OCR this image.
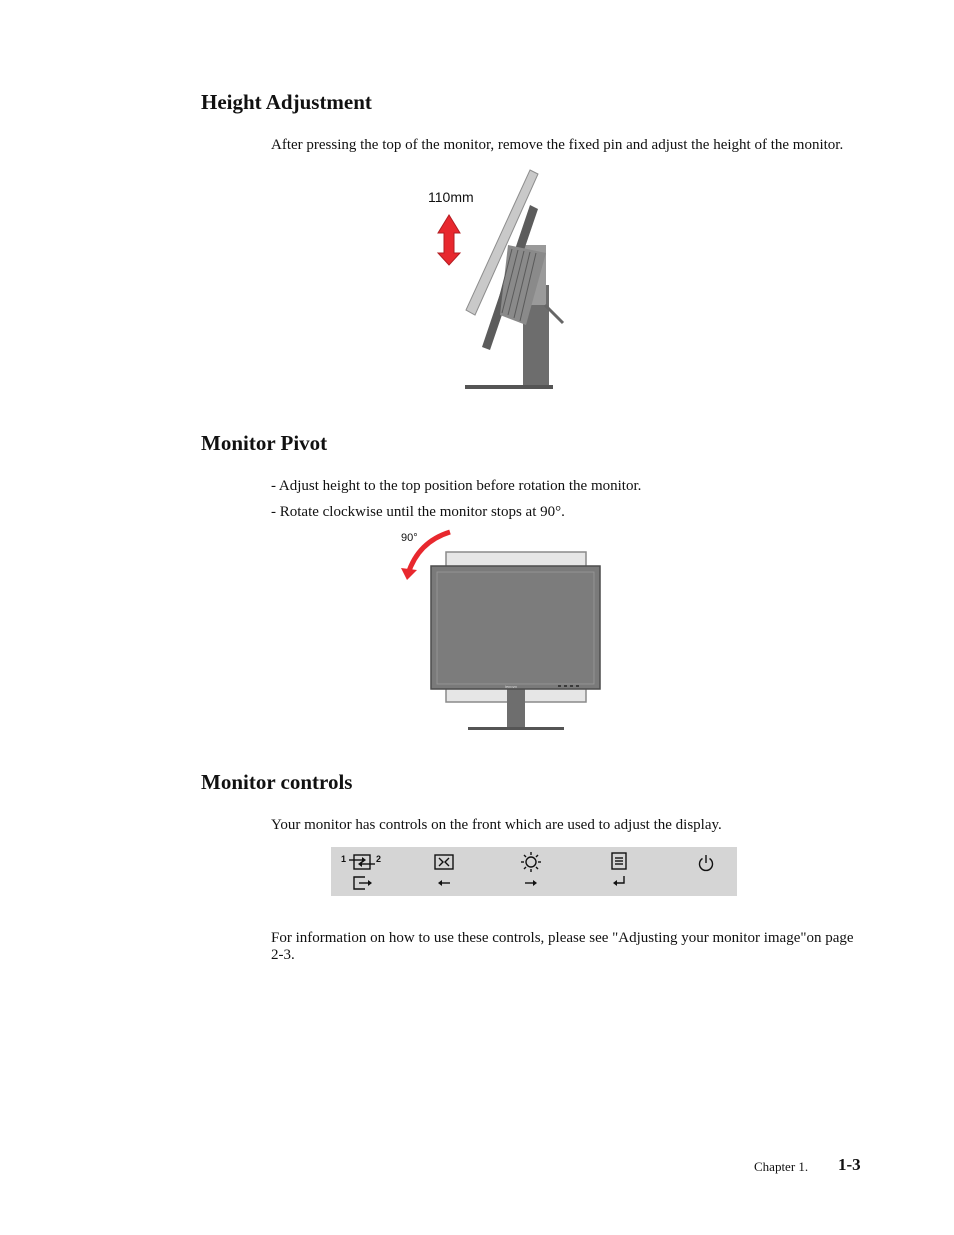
Height Adjustment
After pressing the top of the monitor, remove the fixed pin and adjust the height of the monitor.
110mm
Monitor Pivot
- Adjust height to the top position before rotation the monitor.
- Rotate clockwise until the monitor stops at 90°.
90°
lenovo
Monitor controls
Your monitor has controls on the front which are used to adjust the display.
1	2
For information on how to use these controls, please see "Adjusting your monitor image"on page 2-3.
Chapter 1. 1-3
